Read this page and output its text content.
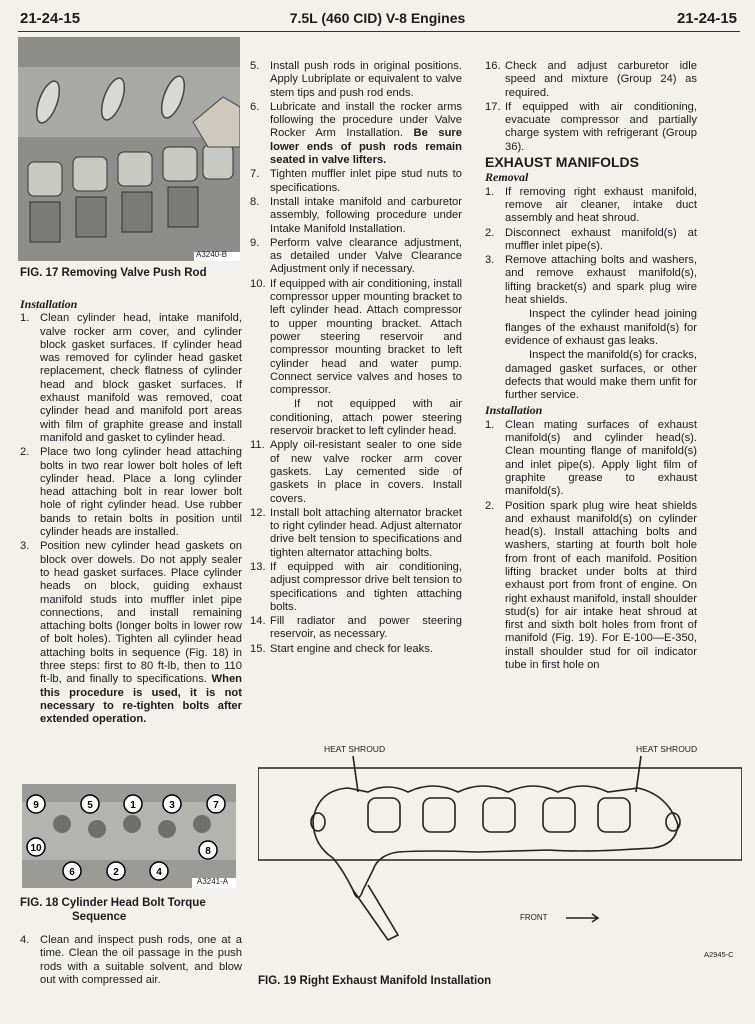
21-24-15	7.5L (460 CID) V-8 Engines	21-24-15
A3240-B
FIG. 17 Removing Valve Push Rod
Installation
1. Clean cylinder head, intake manifold, valve rocker arm cover, and cylinder block gasket surfaces. If cylinder head was removed for cylinder head gasket replacement, check flatness of cylinder head and block gasket surfaces. If exhaust manifold was removed, coat cylinder head and manifold port areas with film of graphite grease and install manifold and gasket to cylinder head.
2. Place two long cylinder head attaching bolts in two rear lower bolt holes of left cylinder head. Place a long cylinder head attaching bolt in rear lower bolt hole of right cylinder head. Use rubber bands to retain bolts in position until cylinder heads are installed.
3. Position new cylinder head gaskets on block over dowels. Do not apply sealer to head gasket surfaces. Place cylinder heads on block, guiding exhaust manifold studs into muffler inlet pipe connections, and install remaining attaching bolts (longer bolts in lower row of bolt holes). Tighten all cylinder head attaching bolts in sequence (Fig. 18) in three steps: first to 80 ft-lb, then to 110 ft-lb, and finally to specifications. When this procedure is used, it is not necessary to re-tighten bolts after extended operation.
9	5	1	3	7
10
6	2	4
8
A3241-A
FIG. 18 Cylinder Head Bolt Torque
Sequence
4. Clean and inspect push rods, one at a time. Clean the oil passage in the push rods with a suitable solvent, and blow out with compressed air.
5. Install push rods in original positions. Apply Lubriplate or equivalent to valve stem tips and push rod ends.
6. Lubricate and install the rocker arms following the procedure under Valve Rocker Arm Installation. Be sure lower ends of push rods remain seated in valve lifters.
7. Tighten muffler inlet pipe stud nuts to specifications.
8. Install intake manifold and carburetor assembly, following procedure under Intake Manifold Installation.
9. Perform valve clearance adjustment, as detailed under Valve Clearance Adjustment only if necessary.
10. If equipped with air conditioning, install compressor upper mounting bracket to left cylinder head. Attach compressor to upper mounting bracket. Attach power steering reservoir and compressor mounting bracket to left cylinder head and water pump. Connect service valves and hoses to compressor.
If not equipped with air conditioning, attach power steering reservoir bracket to left cylinder head.
11. Apply oil-resistant sealer to one side of new valve rocker arm cover gaskets. Lay cemented side of gaskets in place in covers. Install covers.
12. Install bolt attaching alternator bracket to right cylinder head. Adjust alternator drive belt tension to specifications and tighten alternator attaching bolts.
13. If equipped with air conditioning, adjust compressor drive belt tension to specifications and tighten attaching bolts.
14. Fill radiator and power steering reservoir, as necessary.
15. Start engine and check for leaks.
16. Check and adjust carburetor idle speed and mixture (Group 24) as required.
17. If equipped with air conditioning, evacuate compressor and partially charge system with refrigerant (Group 36).
EXHAUST MANIFOLDS
Removal
1. If removing right exhaust manifold, remove air cleaner, intake duct assembly and heat shroud.
2. Disconnect exhaust manifold(s) at muffler inlet pipe(s).
3. Remove attaching bolts and washers, and remove exhaust manifold(s), lifting bracket(s) and spark plug wire heat shields.
Inspect the cylinder head joining flanges of the exhaust manifold(s) for evidence of exhaust gas leaks.
Inspect the manifold(s) for cracks, damaged gasket surfaces, or other defects that would make them unfit for further service.
Installation
1. Clean mating surfaces of exhaust manifold(s) and cylinder head(s). Clean mounting flange of manifold(s) and inlet pipe(s). Apply light film of graphite grease to exhaust manifold(s).
2. Position spark plug wire heat shields and exhaust manifold(s) on cylinder head(s). Install attaching bolts and washers, starting at fourth bolt hole from front of each manifold. Position lifting bracket under bolts at third exhaust port from front of engine. On right exhaust manifold, install shoulder stud(s) for air intake heat shroud at first and sixth bolt holes from front of manifold (Fig. 19). For E-100—E-350, install shoulder stud for oil indicator tube in first hole on
HEAT SHROUD	HEAT SHROUD
FRONT
A2945-C
FIG. 19 Right Exhaust Manifold Installation
